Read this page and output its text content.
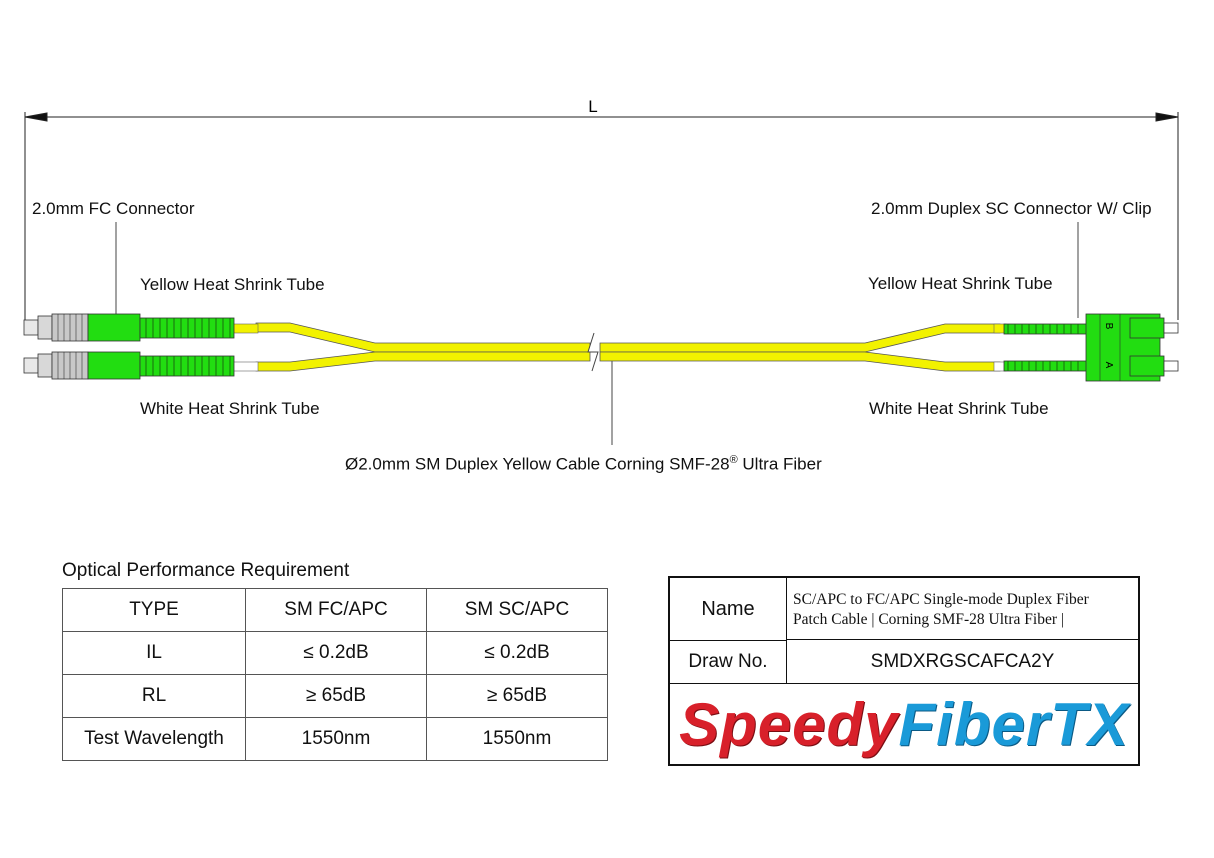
L
B
A
2.0mm FC Connector	2.0mm Duplex SC Connector W/ Clip
Yellow Heat Shrink Tube	Yellow Heat Shrink Tube
White Heat Shrink Tube	White Heat Shrink Tube
Ø2.0mm SM Duplex Yellow Cable Corning SMF-28® Ultra Fiber
Optical Performance Requirement
TYPE	SM FC/APC	SM SC/APC
IL	≤ 0.2dB	≤ 0.2dB
RL	≥ 65dB	≥ 65dB
Test Wavelength	1550nm	1550nm
Name	SC/APC to FC/APC Single-mode Duplex Fiber
Patch Cable | Corning SMF-28 Ultra Fiber |
Draw No.	SMDXRGSCAFCA2Y
Speedy FiberTX
